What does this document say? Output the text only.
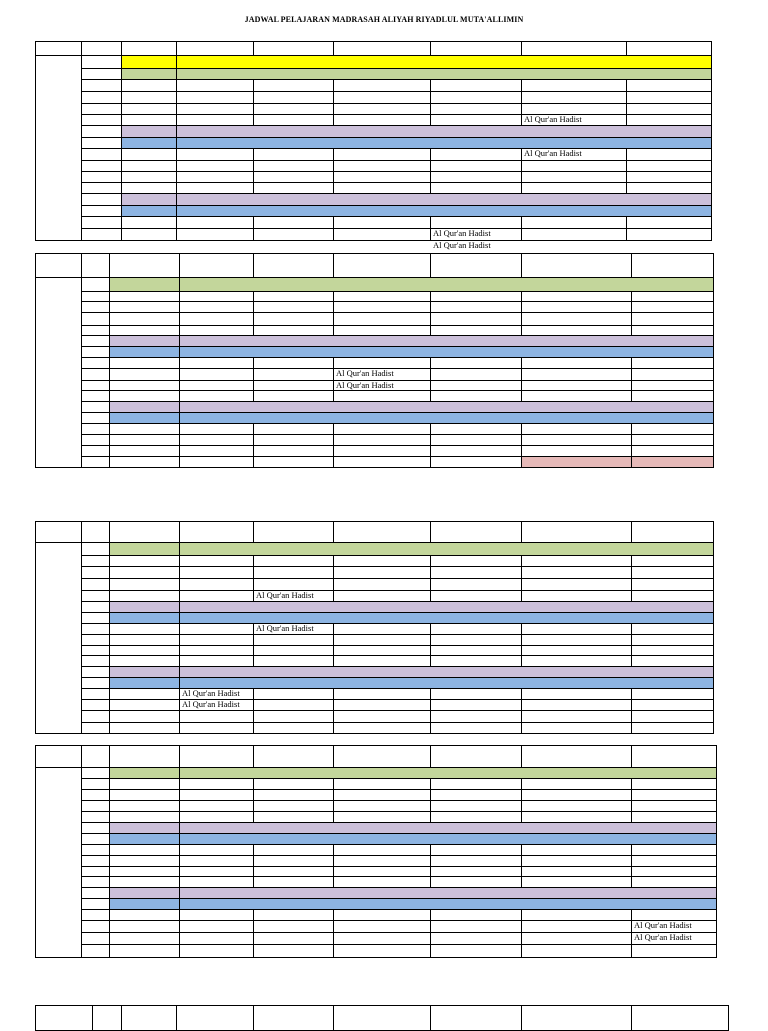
JADWAL PELAJARAN MADRASAH ALIYAH RIYADLUL MUTA'ALLIMIN
Al Qur'an Hadist
Al Qur'an Hadist
Al Qur'an Hadist
Al Qur'an Hadist
Al Qur'an Hadist
Al Qur'an Hadist
Al Qur'an Hadist
Al Qur'an Hadist
Al Qur'an Hadist
Al Qur'an Hadist
Al Qur'an Hadist
Al Qur'an Hadist
